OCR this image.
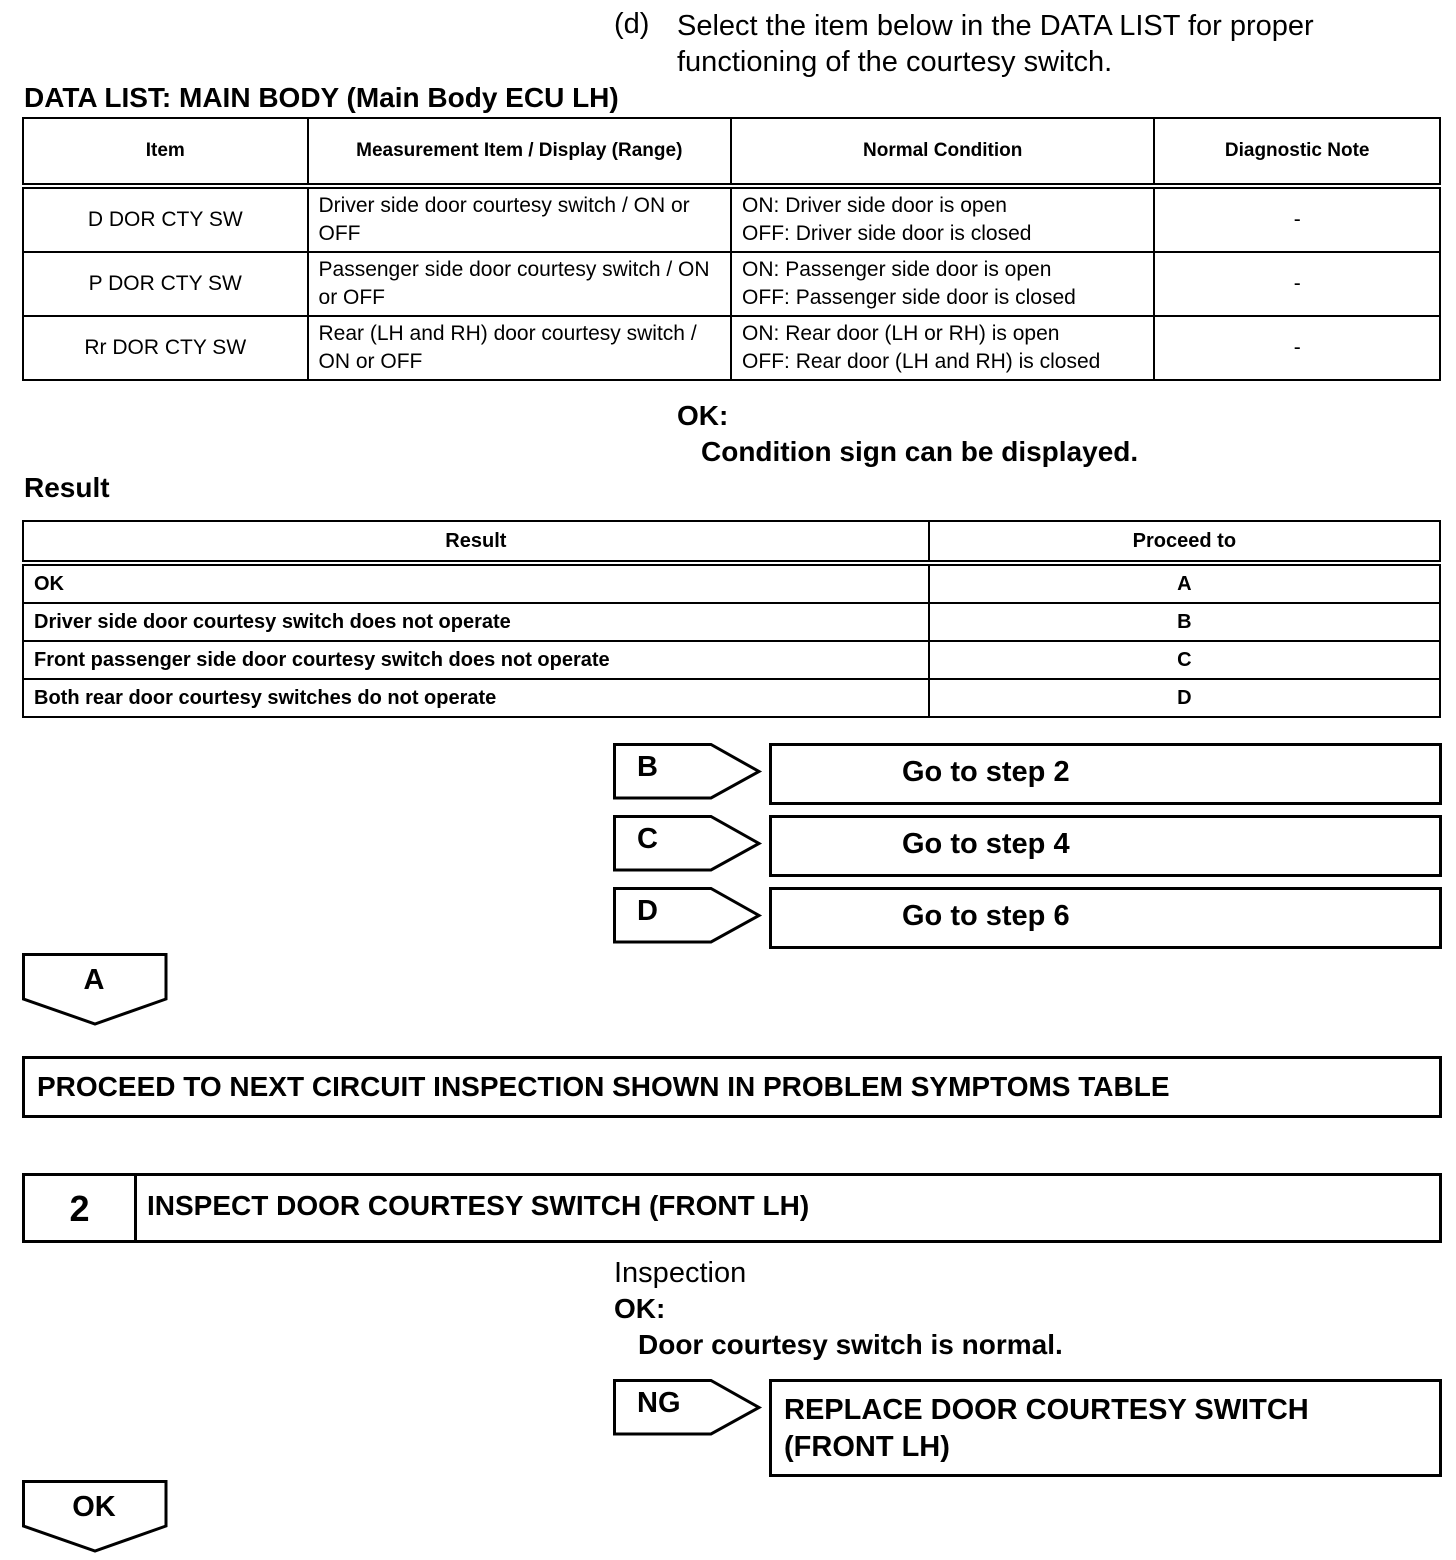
(d) Select the item below in the DATA LIST for proper functioning of the courtesy switch.
DATA LIST: MAIN BODY (Main Body ECU LH)
Item	Measurement Item / Display (Range)	Normal Condition	Diagnostic Note
D DOR CTY SW	Driver side door courtesy switch / ON or OFF	ON: Driver side door is open
OFF: Driver side door is closed	-
P DOR CTY SW	Passenger side door courtesy switch / ON or OFF	ON: Passenger side door is open
OFF: Passenger side door is closed	-
Rr DOR CTY SW	Rear (LH and RH) door courtesy switch / ON or OFF	ON: Rear door (LH or RH) is open
OFF: Rear door (LH and RH) is closed	-
OK:
Condition sign can be displayed.
Result
Result	Proceed to
OK	A
Driver side door courtesy switch does not operate	B
Front passenger side door courtesy switch does not operate	C
Both rear door courtesy switches do not operate	D
B	Go to step 2
C	Go to step 4
D	Go to step 6
A
PROCEED TO NEXT CIRCUIT INSPECTION SHOWN IN PROBLEM SYMPTOMS TABLE
2	INSPECT DOOR COURTESY SWITCH (FRONT LH)
Inspection
OK:
Door courtesy switch is normal.
NG	REPLACE DOOR COURTESY SWITCH
(FRONT LH)
OK
